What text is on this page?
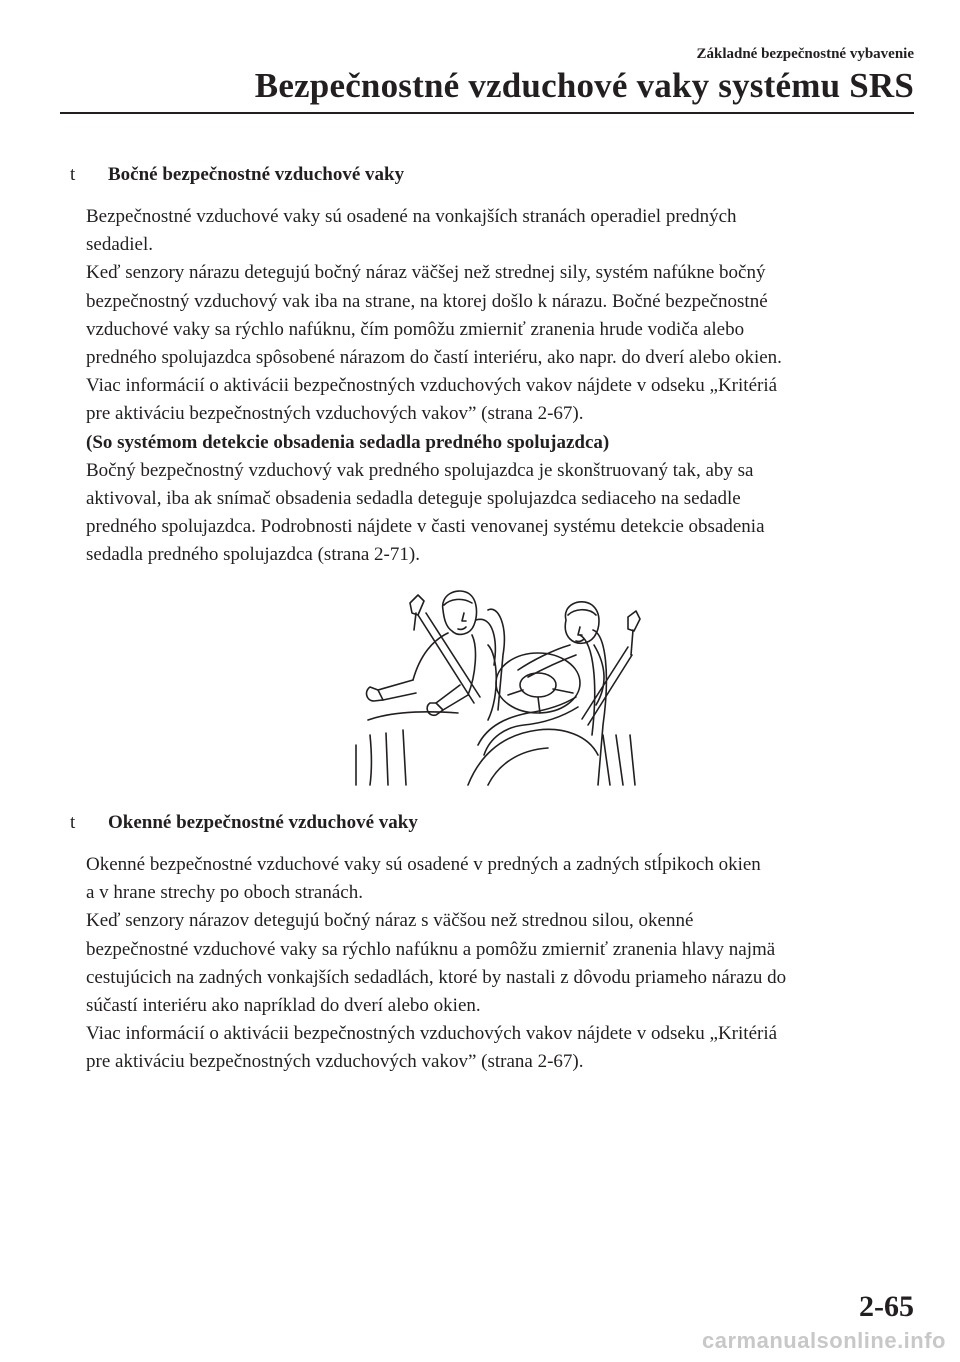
Základné bezpečnostné vybavenie
Bezpečnostné vzduchové vaky systému SRS
t Bočné bezpečnostné vzduchové vaky

Bezpečnostné vzduchové vaky sú osadené na vonkajších stranách operadiel predných
sedadiel.
Keď senzory nárazu detegujú bočný náraz väčšej než strednej sily, systém nafúkne bočný
bezpečnostný vzduchový vak iba na strane, na ktorej došlo k nárazu. Bočné bezpečnostné
vzduchové vaky sa rýchlo nafúknu, čím pomôžu zmierniť zranenia hrude vodiča alebo
predného spolujazdca spôsobené nárazom do častí interiéru, ako napr. do dverí alebo okien.
Viac informácií o aktivácii bezpečnostných vzduchových vakov nájdete v odseku „Kritériá
pre aktiváciu bezpečnostných vzduchových vakov” (strana 2-67).
(So systémom detekcie obsadenia sedadla predného spolujazdca)
Bočný bezpečnostný vzduchový vak predného spolujazdca je skonštruovaný tak, aby sa
aktivoval, iba ak snímač obsadenia sedadla deteguje spolujazdca sediaceho na sedadle
predného spolujazdca. Podrobnosti nájdete v časti venovanej systému detekcie obsadenia
sedadla predného spolujazdca (strana 2-71).

t Okenné bezpečnostné vzduchové vaky

Okenné bezpečnostné vzduchové vaky sú osadené v predných a zadných stĺpikoch okien
a v hrane strechy po oboch stranách.
Keď senzory nárazov detegujú bočný náraz s väčšou než strednou silou, okenné
bezpečnostné vzduchové vaky sa rýchlo nafúknu a pomôžu zmierniť zranenia hlavy najmä
cestujúcich na zadných vonkajších sedadlách, ktoré by nastali z dôvodu priameho nárazu do
súčastí interiéru ako napríklad do dverí alebo okien.
Viac informácií o aktivácii bezpečnostných vzduchových vakov nájdete v odseku „Kritériá
pre aktiváciu bezpečnostných vzduchových vakov” (strana 2-67).

2-65
carmanualsonline.info
